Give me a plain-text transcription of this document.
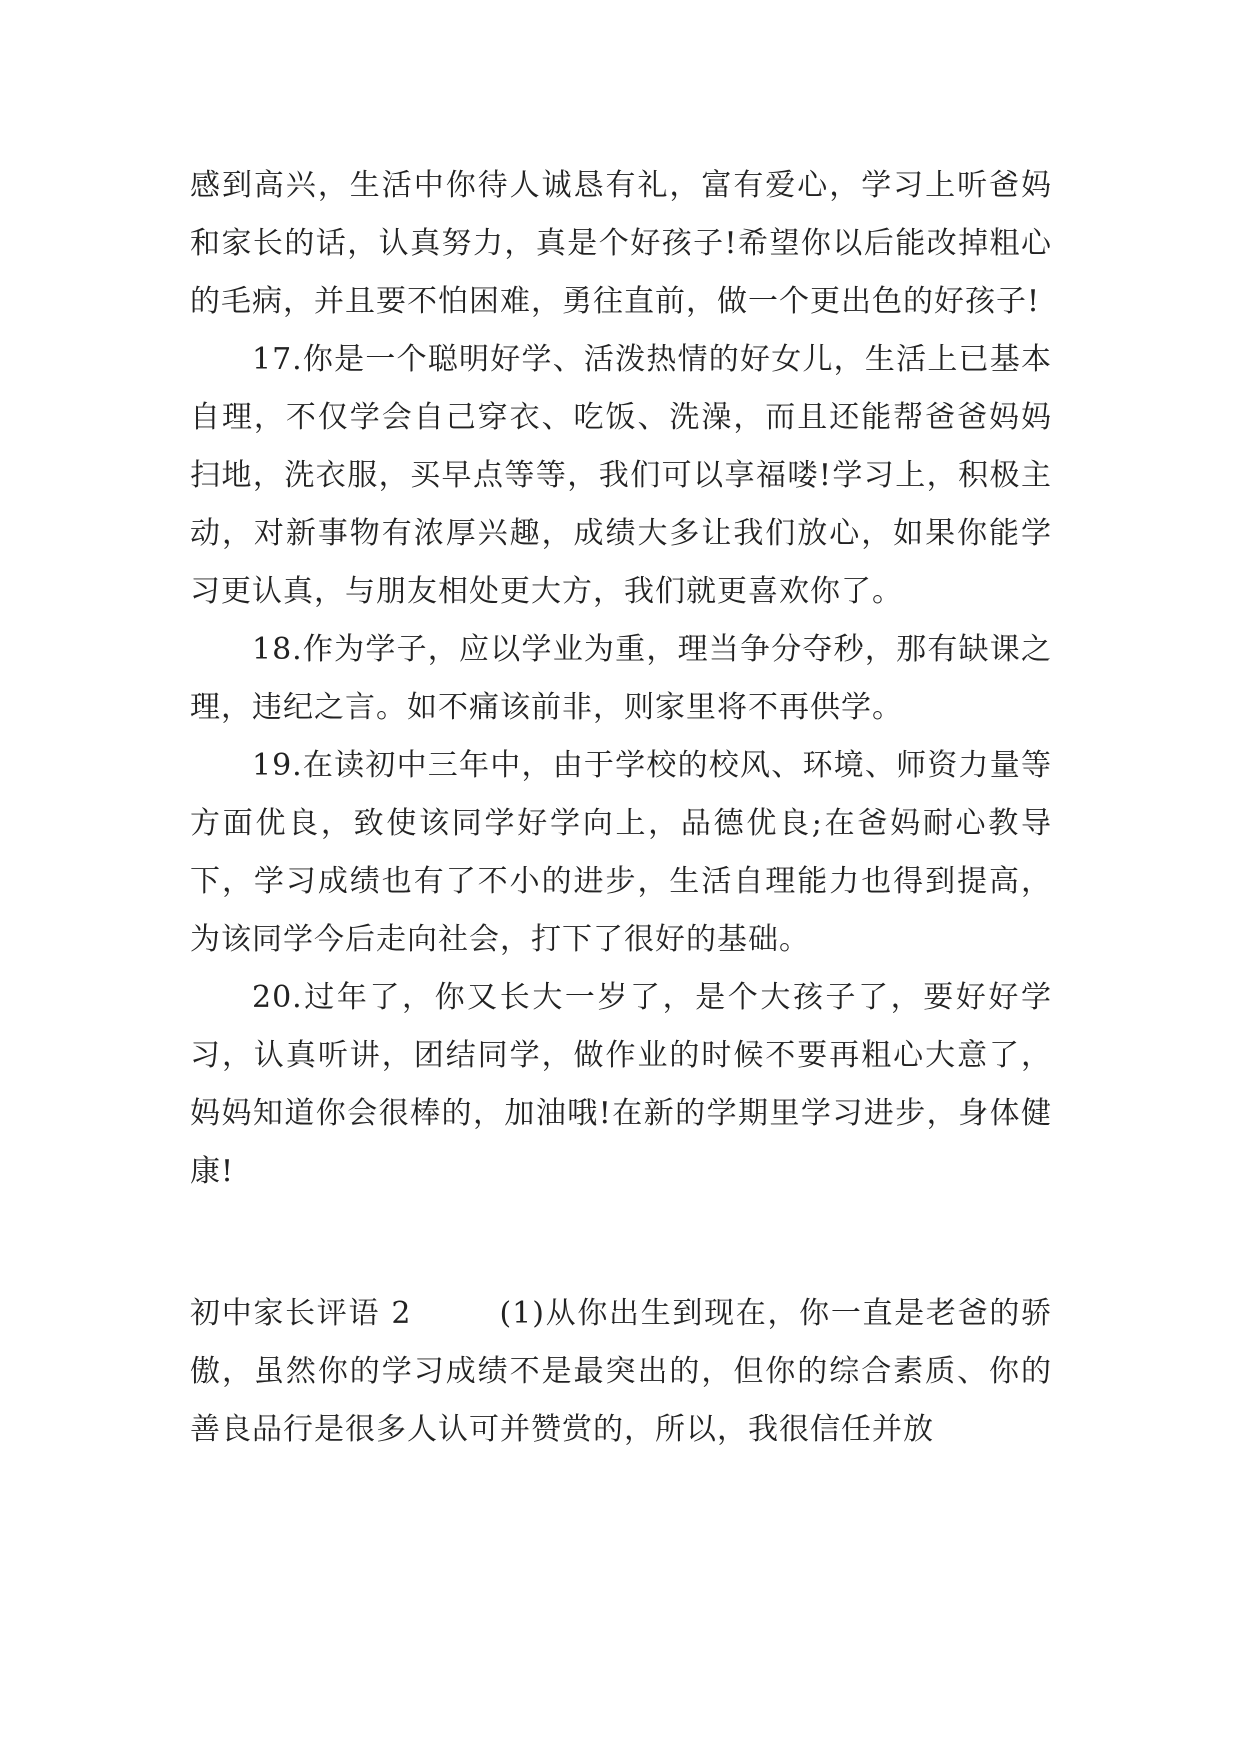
感到高兴，生活中你待人诚恳有礼，富有爱心，学习上听爸妈和家长的话，认真努力，真是个好孩子!希望你以后能改掉粗心的毛病，并且要不怕困难，勇往直前，做一个更出色的好孩子!

17.你是一个聪明好学、活泼热情的好女儿，生活上已基本自理，不仅学会自己穿衣、吃饭、洗澡，而且还能帮爸爸妈妈扫地，洗衣服，买早点等等，我们可以享福喽!学习上，积极主动，对新事物有浓厚兴趣，成绩大多让我们放心，如果你能学习更认真，与朋友相处更大方，我们就更喜欢你了。

18.作为学子，应以学业为重，理当争分夺秒，那有缺课之理，违纪之言。如不痛该前非，则家里将不再供学。

19.在读初中三年中，由于学校的校风、环境、师资力量等方面优良，致使该同学好学向上，品德优良;在爸妈耐心教导下，学习成绩也有了不小的进步，生活自理能力也得到提高，为该同学今后走向社会，打下了很好的基础。

20.过年了，你又长大一岁了，是个大孩子了，要好好学习，认真听讲，团结同学，做作业的时候不要再粗心大意了，妈妈知道你会很棒的，加油哦!在新的学期里学习进步，身体健康!

初中家长评语 2	(1)从你出生到现在，你一直是老爸的骄傲，虽然你的学习成绩不是最突出的，但你的综合素质、你的善良品行是很多人认可并赞赏的，所以，我很信任并放
